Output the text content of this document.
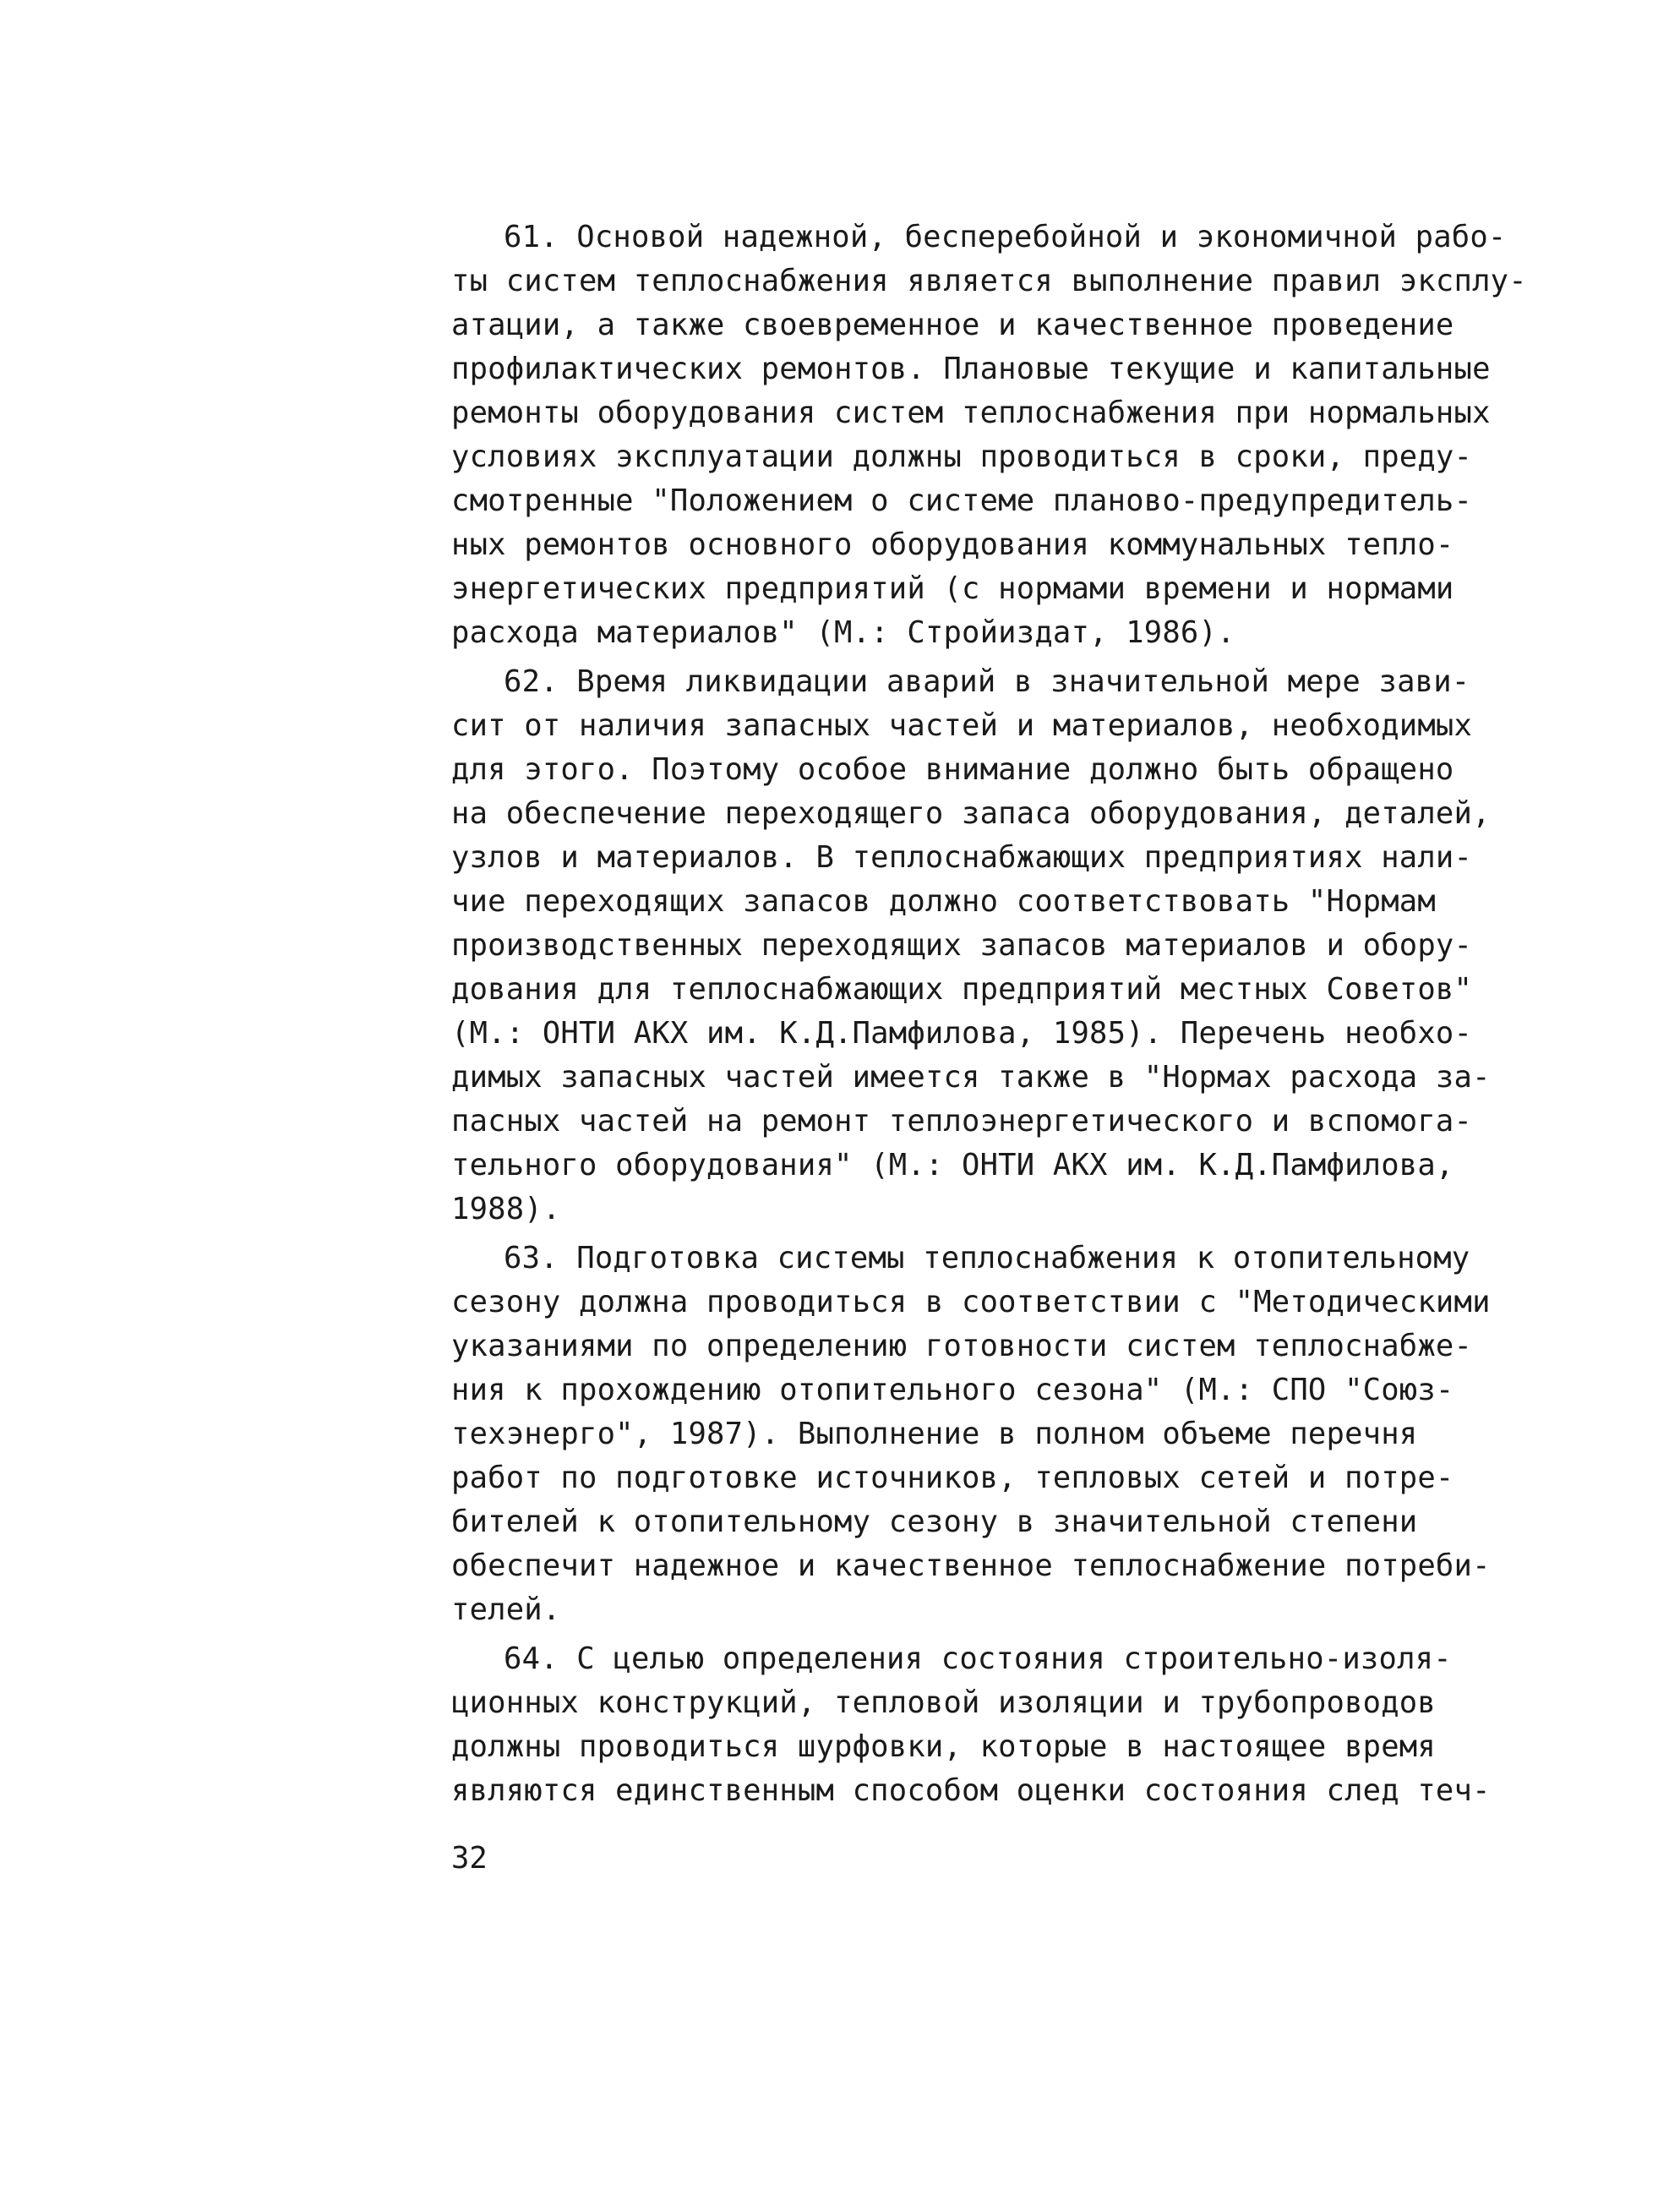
61. Основой надежной, бесперебойной и экономичной рабо-
ты систем теплоснабжения является выполнение правил эксплу-
атации, а также своевременное и качественное проведение
профилактических ремонтов. Плановые текущие и капитальные
ремонты оборудования систем теплоснабжения при нормальных
условиях эксплуатации должны проводиться в сроки, преду-
смотренные "Положением о системе планово-предупредитель-
ных ремонтов основного оборудования коммунальных тепло-
энергетических предприятий (с нормами времени и нормами
расхода материалов" (М.: Стройиздат, 1986).
62. Время ликвидации аварий в значительной мере зави-
сит от наличия запасных частей и материалов, необходимых
для этого. Поэтому особое внимание должно быть обращено
на обеспечение переходящего запаса оборудования, деталей,
узлов и материалов. В теплоснабжающих предприятиях нали-
чие переходящих запасов должно соответствовать "Нормам
производственных переходящих запасов материалов и обору-
дования для теплоснабжающих предприятий местных Советов"
(М.: ОНТИ АКХ им. К.Д.Памфилова, 1985). Перечень необхо-
димых запасных частей имеется также в "Нормах расхода за-
пасных частей на ремонт теплоэнергетического и вспомога-
тельного оборудования" (М.: ОНТИ АКХ им. К.Д.Памфилова,
1988).
63. Подготовка системы теплоснабжения к отопительному
сезону должна проводиться в соответствии с "Методическими
указаниями по определению готовности систем теплоснабже-
ния к прохождению отопительного сезона" (М.: СПО "Союз-
техэнерго", 1987). Выполнение в полном объеме перечня
работ по подготовке источников, тепловых сетей и потре-
бителей к отопительному сезону в значительной степени
обеспечит надежное и качественное теплоснабжение потреби-
телей.
64. С целью определения состояния строительно-изоля-
ционных конструкций, тепловой изоляции и трубопроводов
должны проводиться шурфовки, которые в настоящее время
являются единственным способом оценки состояния след теч-
32
